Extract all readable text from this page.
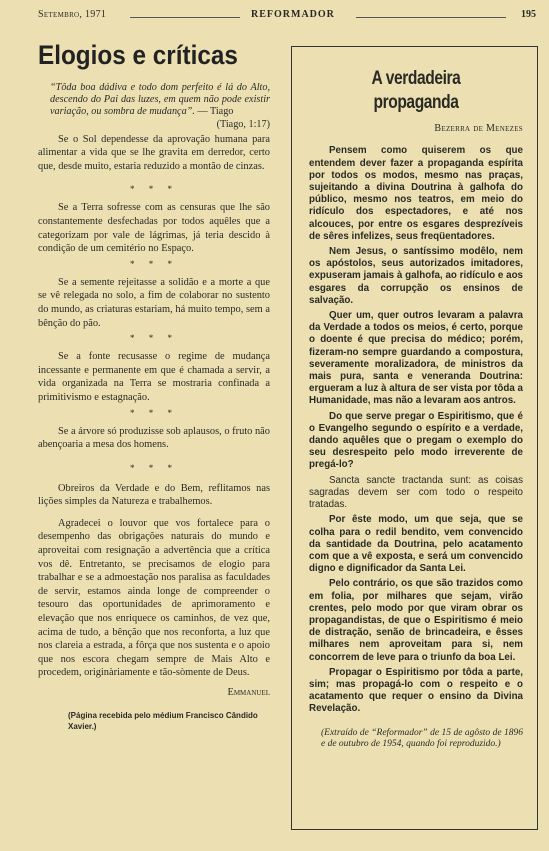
Setembro, 1971	REFORMADOR	195
Elogios e críticas
“Tôda boa dádiva e todo dom perfeito é lá do Alto, descendo do Pai das luzes, em quem não pode existir variação, ou sombra de mudança”. — Tiago
(Tiago, 1:17)

Se o Sol dependesse da aprovação humana para alimentar a vida que se lhe gravita em derredor, certo que, desde muito, estaria reduzido a montão de cinzas.

* * *

Se a Terra sofresse com as censuras que lhe são constantemente desfechadas por todos aquêles que a categorizam por vale de lágrimas, já teria descido à condição de um cemitério no Espaço.

* * *

Se a semente rejeitasse a solidão e a morte a que se vê relegada no solo, a fim de colaborar no sustento do mundo, as criaturas estariam, há muito tempo, sem a bênção do pão.

* * *

Se a fonte recusasse o regime de mudança incessante e permanente em que é chamada a servir, a vida organizada na Terra se mostraria confinada a primitivismo e estagnação.

* * *

Se a árvore só produzisse sob aplausos, o fruto não abençoaria a mesa dos homens.

* * *

Obreiros da Verdade e do Bem, reflitamos nas lições simples da Natureza e trabalhemos.

Agradecei o louvor que vos fortalece para o desempenho das obrigações naturais do mundo e aproveitai com resignação a advertência que a crítica vos dê. Entretanto, se precisamos de elogio para trabalhar e se a admoestação nos paralisa as faculdades de servir, estamos ainda longe de compreender o tesouro das oportunidades de aprimoramento e elevação que nos enriquece os caminhos, de vez que, acima de tudo, a bênção que nos reconforta, a luz que nos clareia a estrada, a fôrça que nos sustenta e o apoio que nos escora chegam sempre de Mais Alto e procedem, originàriamente e tão-sòmente de Deus.

Emmanuel
(Página recebida pelo médium Francisco Cândido Xavier.)
A verdadeira propaganda
Bezerra de Menezes

Pensem como quiserem os que entendem dever fazer a propaganda espírita por todos os modos, mesmo nas praças, sujeitando a divina Doutrina à galhofa do público, mesmo nos teatros, em meio do ridículo dos espectadores, e até nos alcouces, por entre os esgares desprezíveis de sêres infelizes, seus freqüentadores.

Nem Jesus, o santíssimo modêlo, nem os apóstolos, seus autorizados imitadores, expuseram jamais à galhofa, ao ridículo e aos esgares da corrupção os ensinos de salvação.

Quer um, quer outros levaram a palavra da Verdade a todos os meios, é certo, porque o doente é que precisa do médico; porém, fizeram-no sempre guardando a compostura, severamente moralizadora, de ministros da mais pura, santa e veneranda Doutrina: ergueram a luz à altura de ser vista por tôda a Humanidade, mas não a levaram aos antros.

Do que serve pregar o Espiritismo, que é o Evangelho segundo o espírito e a verdade, dando aquêles que o pregam o exemplo do seu desrespeito pelo modo irreverente de pregá-lo?

Sancta sancte tractanda sunt: as coisas sagradas devem ser com todo o respeito tratadas.

Por êste modo, um que seja, que se colha para o redil bendito, vem convencido da santidade da Doutrina, pelo acatamento com que a vê exposta, e será um convencido digno e dignificador da Santa Lei.

Pelo contrário, os que são trazidos como em folia, por milhares que sejam, virão crentes, pelo modo por que viram obrar os propagandistas, de que o Espiritismo é meio de distração, senão de brincadeira, e êsses milhares nem aproveitam para si, nem concorrem de leve para o triunfo da boa Lei.

Propagar o Espiritismo por tôda a parte, sim; mas propagá-lo com o respeito e o acatamento que requer o ensino da Divina Revelação.

(Extraído de “Reformador” de 15 de agôsto de 1896 e de outubro de 1954, quando foi reproduzido.)
